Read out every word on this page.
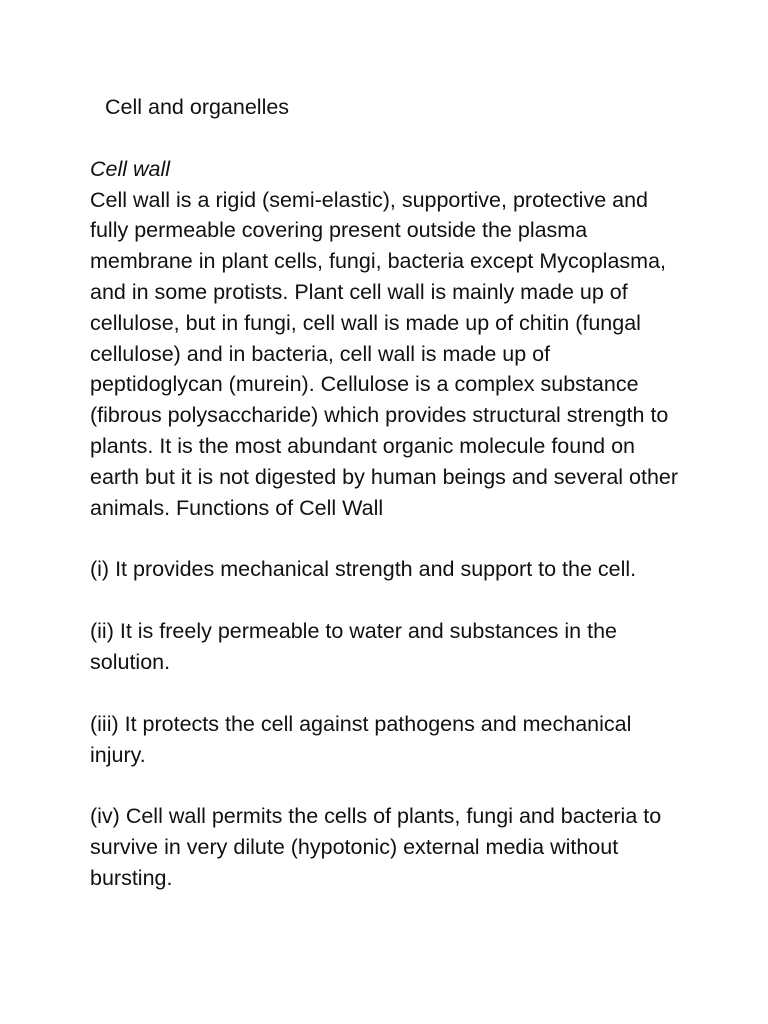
Cell and organelles
Cell wall

Cell wall is a rigid (semi-elastic), supportive, protective and fully permeable covering present outside the plasma membrane in plant cells, fungi, bacteria except Mycoplasma, and in some protists. Plant cell wall is mainly made up of cellulose, but in fungi, cell wall is made up of chitin (fungal cellulose) and in bacteria, cell wall is made up of peptidoglycan (murein). Cellulose is a complex substance (fibrous polysaccharide) which provides structural strength to plants. It is the most abundant organic molecule found on earth but it is not digested by human beings and several other animals. Functions of Cell Wall

(i) It provides mechanical strength and support to the cell.
(ii) It is freely permeable to water and substances in the solution.
(iii) It protects the cell against pathogens and mechanical injury.
(iv) Cell wall permits the cells of plants, fungi and bacteria to survive in very dilute (hypotonic) external media without bursting.
